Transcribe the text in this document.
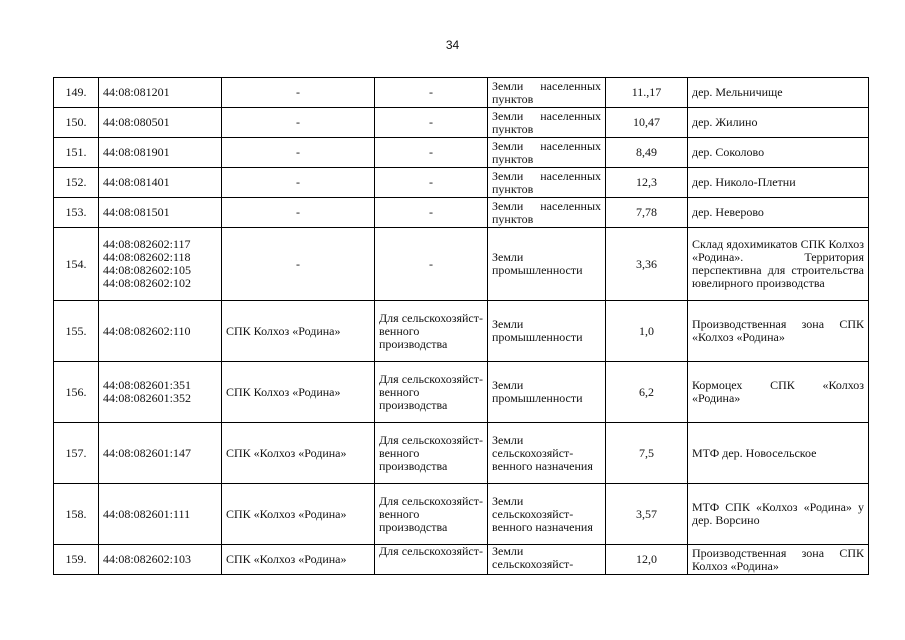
34
149.	44:08:081201	-	-	Земли населенных пунктов	11.,17	дер. Мельничище
150.	44:08:080501	-	-	Земли населенных пунктов	10,47	дер. Жилино
151.	44:08:081901	-	-	Земли населенных пунктов	8,49	дер. Соколово
152.	44:08:081401	-	-	Земли населенных пунктов	12,3	дер. Николо-Плетни
153.	44:08:081501	-	-	Земли населенных пунктов	7,78	дер. Неверово
154.	44:08:082602:117
44:08:082602:118
44:08:082602:105
44:08:082602:102	-	-	Земли промышленности	3,36	Склад ядохимикатов СПК Колхоз «Родина». Территория перспективна для строительства ювелирного производства
155.	44:08:082602:110	СПК Колхоз «Родина»	Для сельскохозяйст-венного производства	Земли промышленности	1,0	Производственная зона СПК «Колхоз «Родина»
156.	44:08:082601:351
44:08:082601:352	СПК Колхоз «Родина»	Для сельскохозяйст-венного производства	Земли промышленности	6,2	Кормоцех СПК «Колхоз «Родина»
157.	44:08:082601:147	СПК «Колхоз «Родина»	Для сельскохозяйст-венного производства	Земли сельскохозяйст-венного назначения	7,5	МТФ дер. Новосельское
158.	44:08:082601:111	СПК «Колхоз «Родина»	Для сельскохозяйст-венного производства	Земли сельскохозяйст-венного назначения	3,57	МТФ СПК «Колхоз «Родина» у дер. Ворсино
159.	44:08:082602:103	СПК «Колхоз «Родина»	Для сельскохозяйст-	Земли сельскохозяйст-	12,0	Производственная зона СПК Колхоз «Родина»
